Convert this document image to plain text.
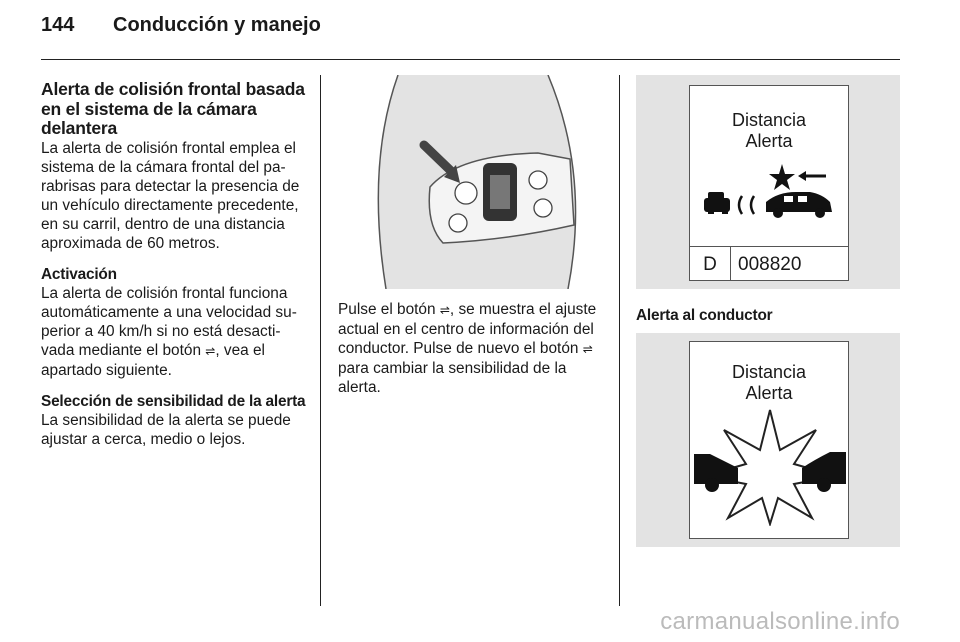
144 Conducción y manejo
Alerta de colisión frontal basada en el sistema de la cámara delantera

La alerta de colisión frontal emplea el sistema de la cámara frontal del parabrisas para detectar la presencia de un vehículo directamente precedente, en su carril, dentro de una distancia aproximada de 60 metros.

Activación

La alerta de colisión frontal funciona automáticamente a una velocidad superior a 40 km/h si no está desactivada mediante el botón ⇌, vea el apartado siguiente.

Selección de sensibilidad de la alerta

La sensibilidad de la alerta se puede ajustar a cerca, medio o lejos.

Pulse el botón ⇌, se muestra el ajuste actual en el centro de información del conductor. Pulse de nuevo el botón ⇌ para cambiar la sensibilidad de la alerta.

Distancia
Alerta
D	008820
Alerta al conductor
Distancia
Alerta
carmanualsonline.info
